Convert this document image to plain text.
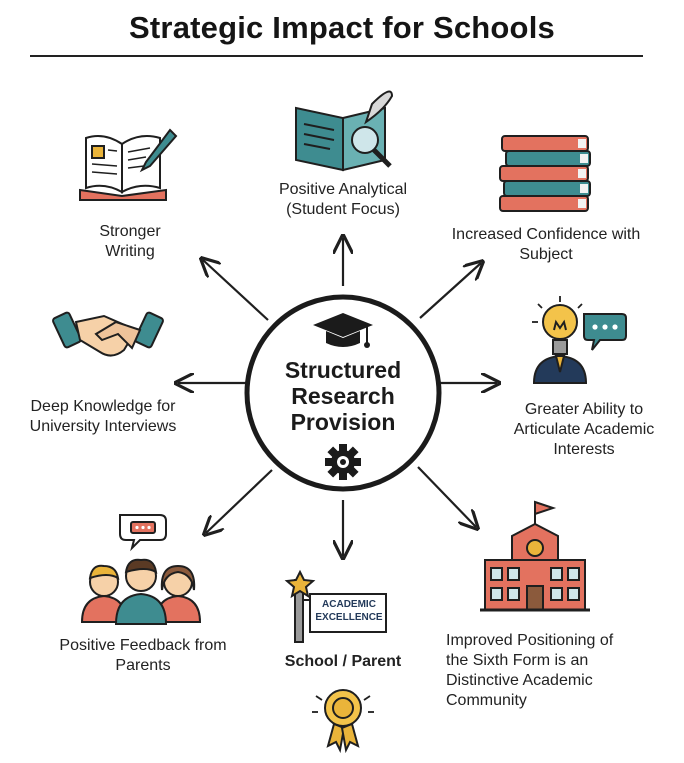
Strategic Impact for Schools
Structured
Research
Provision
ACADEMIC
EXCELLENCE
Positive Analytical
(Student Focus)
Increased Confidence with
Subject
Greater Ability to
Articulate Academic
Interests
Improved Positioning of
the Sixth Form is an
Distinctive Academic
Community
School / Parent
Positive Feedback from
Parents
Deep Knowledge for
University Interviews
Stronger
Writing
